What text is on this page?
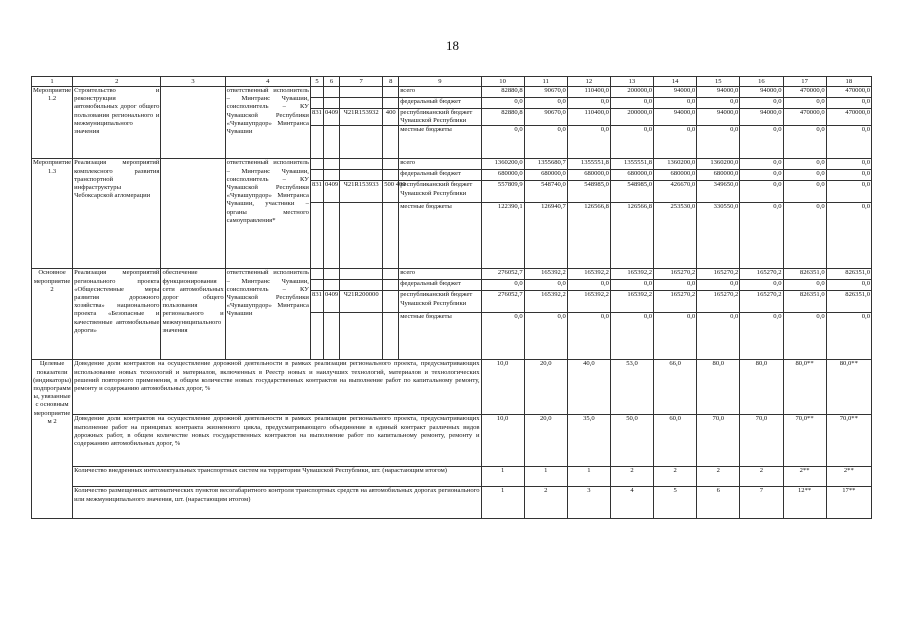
18
1	2	3	4	5	6	7	8	9	10	11	12	13	14	15	16	17	18
Мероприятие 1.2	Строительство и реконструкция автомобильных дорог общего пользования регионального и межмуниципального значения		ответственный исполнитель – Минтранс Чувашии, соисполнитель – КУ Чувашской Республики «Чувашупрдор» Минтранса Чувашии					всего	82880,8	90670,0	110400,0	200000,0	94000,0	94000,0	94000,0	470000,0	470000,0
								федеральный бюджет	0,0	0,0	0,0	0,0	0,0	0,0	0,0	0,0	0,0
				831	0409	Ч21R153932	400	республиканский бюджет Чувашской Республики	82880,8	90670,0	110400,0	200000,0	94000,0	94000,0	94000,0	470000,0	470000,0
								местные бюджеты	0,0	0,0	0,0	0,0	0,0	0,0	0,0	0,0	0,0
Мероприятие 1.3	Реализация мероприятий комплексного развития транспортной инфраструктуры Чебоксарской агломерации		ответственный исполнитель – Минтранс Чувашии, соисполнитель – КУ Чувашской Республики «Чувашупрдор» Минтранса Чувашии, участники – органы местного самоуправления*					всего	1360200,0	1355680,7	1355551,8	1355551,8	1360200,0	1360200,0	0,0	0,0	0,0
								федеральный бюджет	680000,0	680000,0	680000,0	680000,0	680000,0	680000,0	0,0	0,0	0,0
				831	0409	Ч21R153933	500 400	республиканский бюджет Чувашской Республики	557809,9	548740,0	548985,0	548985,0	426670,0	349650,0	0,0	0,0	0,0
								местные бюджеты	122390,1	126940,7	126566,8	126566,8	253530,0	330550,0	0,0	0,0	0,0
Основное мероприятие 2	Реализация мероприятий регионального проекта «Общесистемные меры развития дорожного хозяйства» национального проекта «Безопасные и качественные автомобильные дороги»	обеспечение функционирования сети автомобильных дорог общего пользования регионального и межмуниципального значения	ответственный исполнитель – Минтранс Чувашии, соисполнитель – КУ Чувашской Республики «Чувашупрдор» Минтранса Чувашии					всего	276052,7	165392,2	165392,2	165392,2	165270,2	165270,2	165270,2	826351,0	826351,0
								федеральный бюджет	0,0	0,0	0,0	0,0	0,0	0,0	0,0	0,0	0,0
				831	0409	Ч21R200000		республиканский бюджет Чувашской Республики	276052,7	165392,2	165392,2	165392,2	165270,2	165270,2	165270,2	826351,0	826351,0
								местные бюджеты	0,0	0,0	0,0	0,0	0,0	0,0	0,0	0,0	0,0
Целевые показатели (индикаторы) подпрограммы, увязанные с основным мероприятием 2	Доведение доли контрактов на осуществление дорожной деятельности в рамках реализации регионального проекта, предусматривающих использование новых технологий и материалов, включенных в Реестр новых и наилучших технологий, материалов и технологических решений повторного применения, в общем количестве новых государственных контрактов на выполнение работ по капитальному ремонту, ремонту и содержанию автомобильных дорог, %								10,0	20,0	40,0	53,0	66,0	80,0	80,0	80,0**	80,0**
	Доведение доли контрактов на осуществление дорожной деятельности в рамках реализации регионального проекта, предусматривающих выполнение работ на принципах контракта жизненного цикла, предусматривающего объединение в единый контракт различных видов дорожных работ, в общем количестве новых государственных контрактов на выполнение работ по капитальному ремонту, ремонту и содержанию автомобильных дорог, %								10,0	20,0	35,0	50,0	60,0	70,0	70,0	70,0**	70,0**
	Количество внедренных интеллектуальных транспортных систем на территории Чувашской Республики, шт. (нарастающим итогом)								1	1	1	2	2	2	2	2**	2**
	Количество размещенных автоматических пунктов весогабаритного контроля транспортных средств на автомобильных дорогах регионального или межмуниципального значения, шт. (нарастающим итогом)								1	2	3	4	5	6	7	12**	17**
